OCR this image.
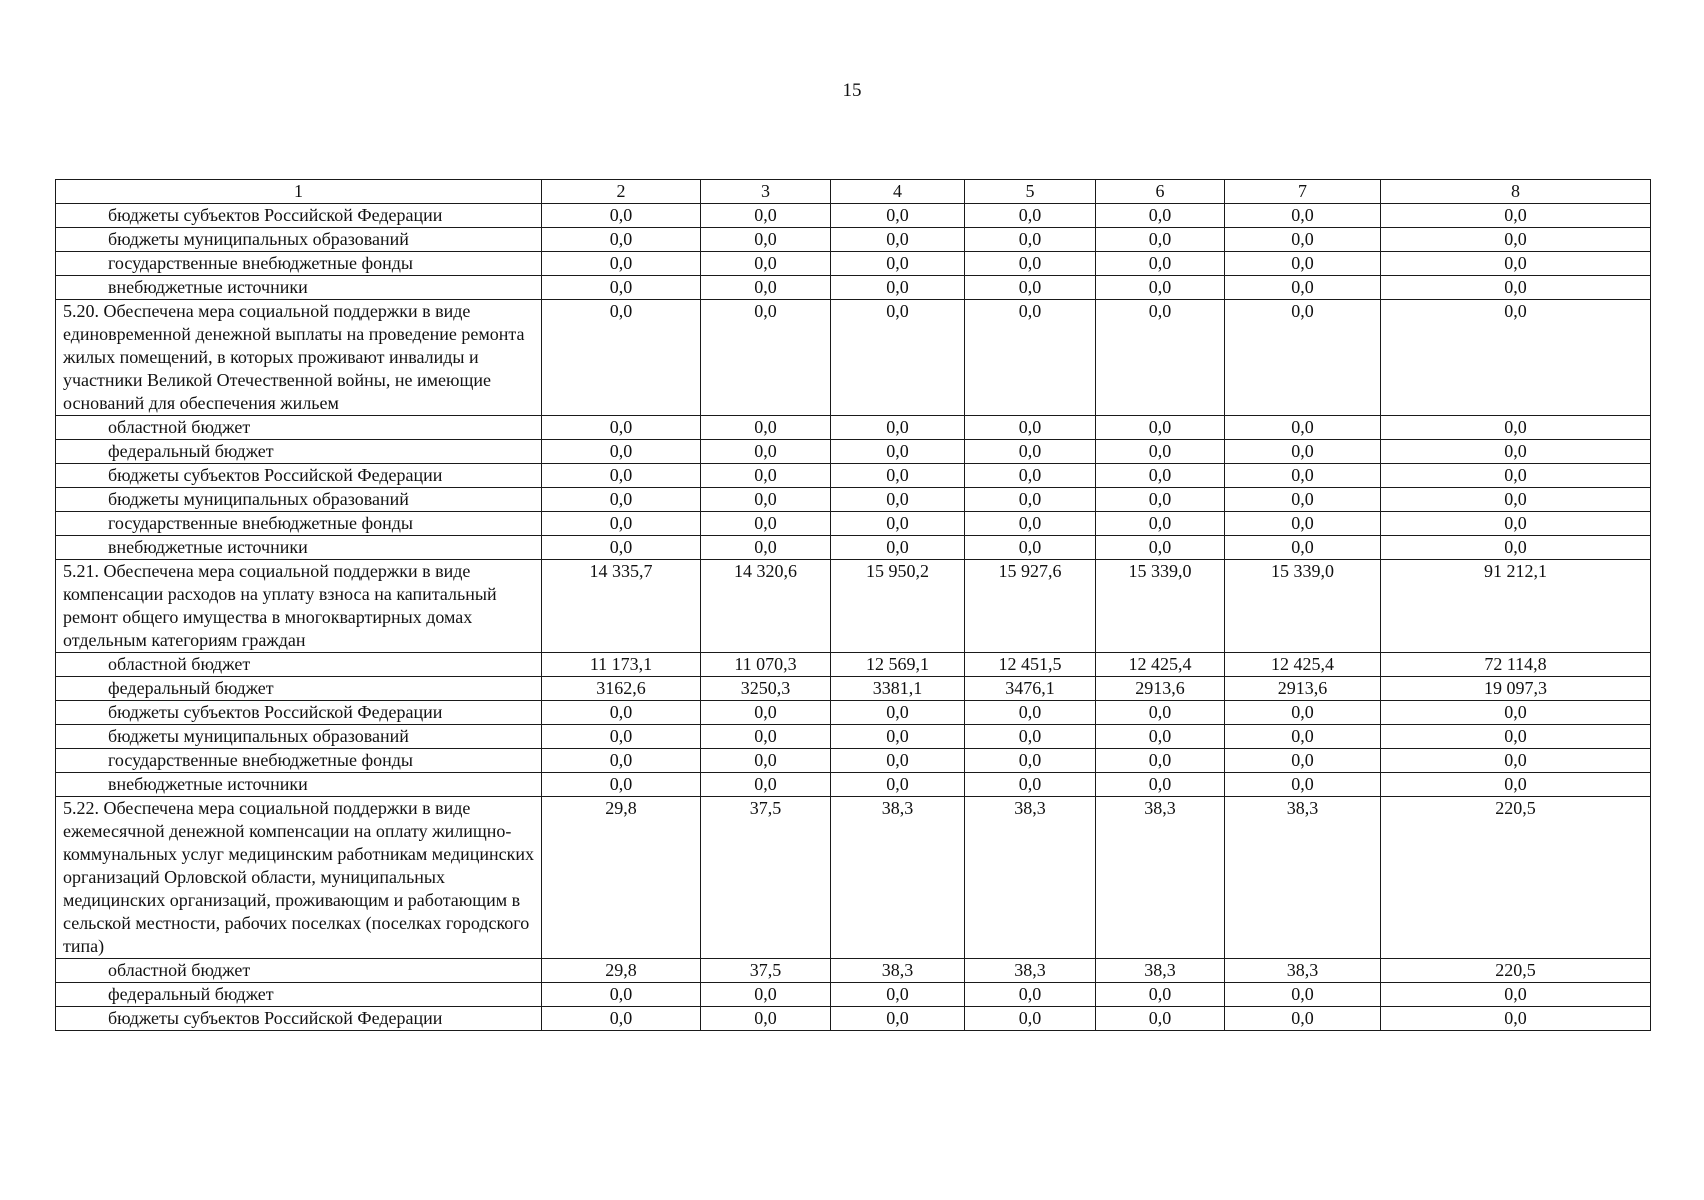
15
1	2	3	4	5	6	7	8
бюджеты субъектов Российской Федерации	0,0	0,0	0,0	0,0	0,0	0,0	0,0
бюджеты муниципальных образований	0,0	0,0	0,0	0,0	0,0	0,0	0,0
государственные внебюджетные фонды	0,0	0,0	0,0	0,0	0,0	0,0	0,0
внебюджетные источники	0,0	0,0	0,0	0,0	0,0	0,0	0,0
5.20. Обеспечена мера социальной поддержки в виде единовременной денежной выплаты на проведение ремонта жилых помещений, в которых проживают инвалиды и участники Великой Отечественной войны, не имеющие оснований для обеспечения жильем	0,0	0,0	0,0	0,0	0,0	0,0	0,0
областной бюджет	0,0	0,0	0,0	0,0	0,0	0,0	0,0
федеральный бюджет	0,0	0,0	0,0	0,0	0,0	0,0	0,0
бюджеты субъектов Российской Федерации	0,0	0,0	0,0	0,0	0,0	0,0	0,0
бюджеты муниципальных образований	0,0	0,0	0,0	0,0	0,0	0,0	0,0
государственные внебюджетные фонды	0,0	0,0	0,0	0,0	0,0	0,0	0,0
внебюджетные источники	0,0	0,0	0,0	0,0	0,0	0,0	0,0
5.21. Обеспечена мера социальной поддержки в виде компенсации расходов на уплату взноса на капитальный ремонт общего имущества в многоквартирных домах отдельным категориям граждан	14 335,7	14 320,6	15 950,2	15 927,6	15 339,0	15 339,0	91 212,1
областной бюджет	11 173,1	11 070,3	12 569,1	12 451,5	12 425,4	12 425,4	72 114,8
федеральный бюджет	3162,6	3250,3	3381,1	3476,1	2913,6	2913,6	19 097,3
бюджеты субъектов Российской Федерации	0,0	0,0	0,0	0,0	0,0	0,0	0,0
бюджеты муниципальных образований	0,0	0,0	0,0	0,0	0,0	0,0	0,0
государственные внебюджетные фонды	0,0	0,0	0,0	0,0	0,0	0,0	0,0
внебюджетные источники	0,0	0,0	0,0	0,0	0,0	0,0	0,0
5.22. Обеспечена мера социальной поддержки в виде ежемесячной денежной компенсации на оплату жилищно-коммунальных услуг медицинским работникам медицинских организаций Орловской области, муниципальных медицинских организаций, проживающим и работающим в сельской местности, рабочих поселках (поселках городского типа)	29,8	37,5	38,3	38,3	38,3	38,3	220,5
областной бюджет	29,8	37,5	38,3	38,3	38,3	38,3	220,5
федеральный бюджет	0,0	0,0	0,0	0,0	0,0	0,0	0,0
бюджеты субъектов Российской Федерации	0,0	0,0	0,0	0,0	0,0	0,0	0,0
